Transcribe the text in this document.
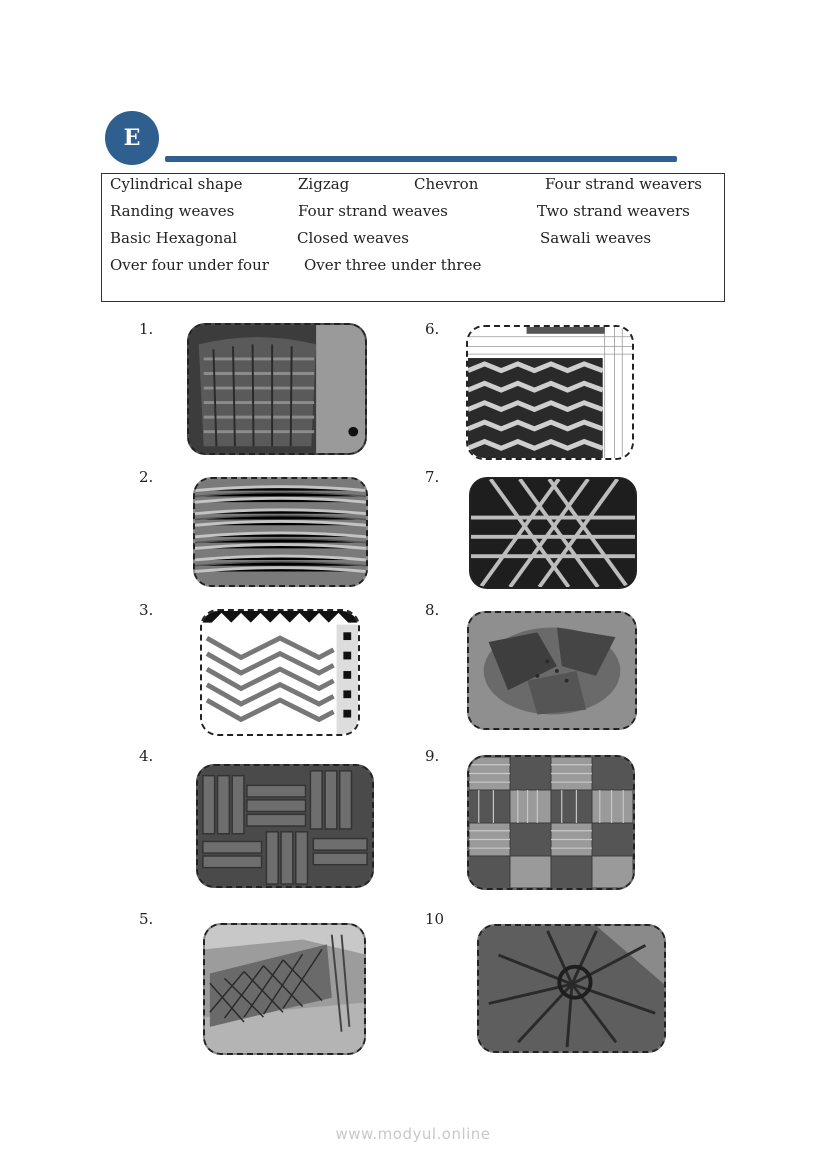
E
Cylindrical shape	Zigzag	Chevron	Four strand weavers
Randing weaves	Four strand weaves	Two strand weavers
Basic Hexagonal	Closed weaves	Sawali weaves
Over four under four Over three under three
1.
2.
3.
4.
5.
6.
7.
8.
9.
10
www.modyul.online
